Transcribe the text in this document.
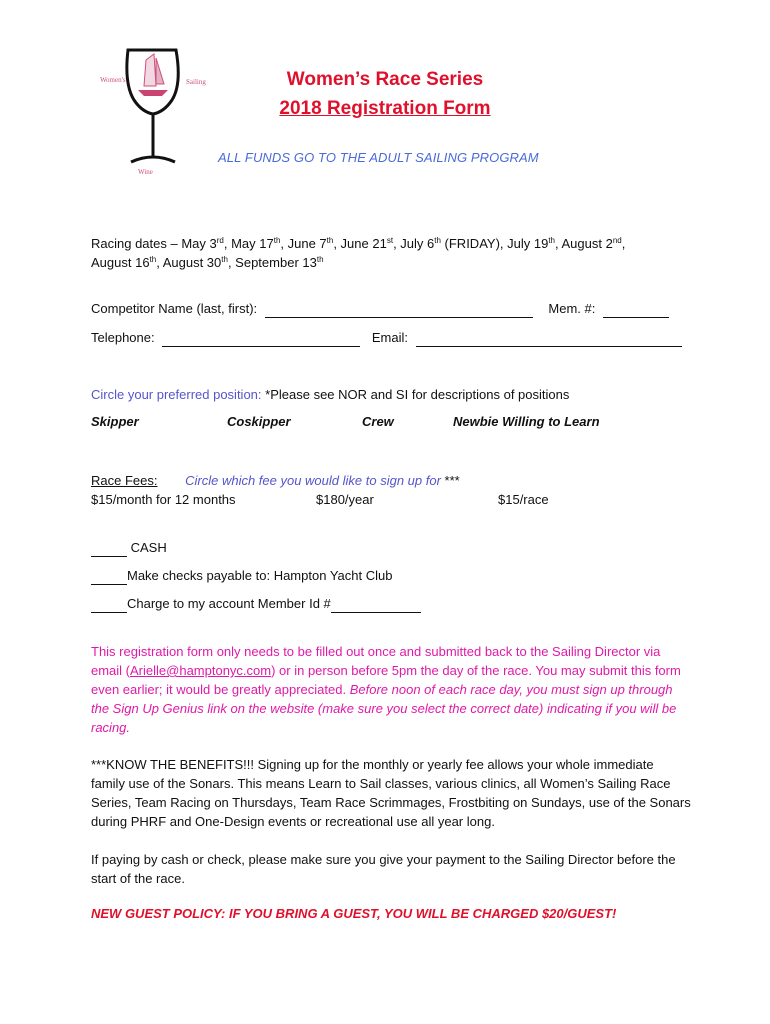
Women's	Sailing
Wine
Women’s Race Series
2018 Registration Form
ALL FUNDS GO TO THE ADULT SAILING PROGRAM
Racing dates – May 3rd, May 17th, June 7th, June 21st, July 6th (FRIDAY), July 19th, August 2nd,
August 16th, August 30th, September 13th
Competitor Name (last, first):	Mem. #:
Telephone:	Email:
Circle your preferred position: *Please see NOR and SI for descriptions of positions
Skipper	Coskipper	Crew	Newbie Willing to Learn
Race Fees: Circle which fee you would like to sign up for ***
$15/month for 12 months	$180/year	$15/race
CASH
Make checks payable to: Hampton Yacht Club
Charge to my account Member Id #
This registration form only needs to be filled out once and submitted back to the Sailing Director via email (Arielle@hamptonyc.com) or in person before 5pm the day of the race. You may submit this form even earlier; it would be greatly appreciated. Before noon of each race day, you must sign up through the Sign Up Genius link on the website (make sure you select the correct date) indicating if you will be racing.
***KNOW THE BENEFITS!!! Signing up for the monthly or yearly fee allows your whole immediate family use of the Sonars. This means Learn to Sail classes, various clinics, all Women’s Sailing Race Series, Team Racing on Thursdays, Team Race Scrimmages, Frostbiting on Sundays, use of the Sonars during PHRF and One-Design events or recreational use all year long.
If paying by cash or check, please make sure you give your payment to the Sailing Director before the start of the race.
NEW GUEST POLICY: IF YOU BRING A GUEST, YOU WILL BE CHARGED $20/GUEST!
